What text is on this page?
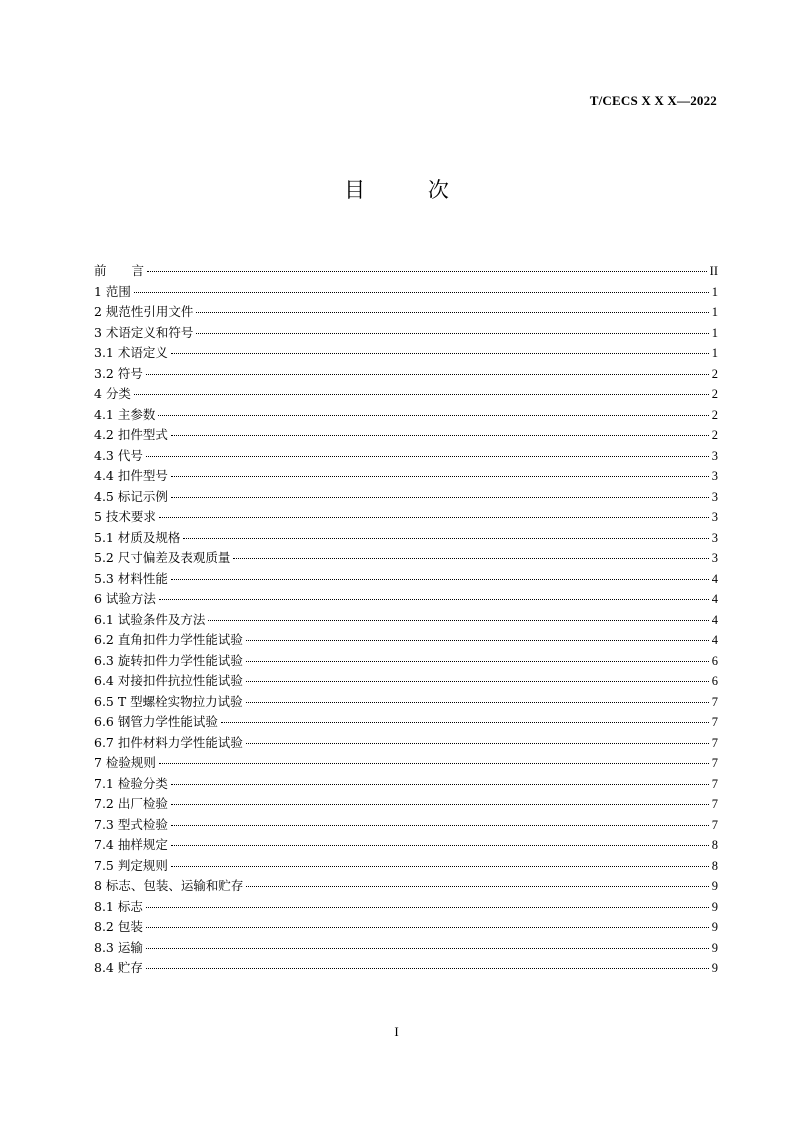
T/CECS X X X—2022
目 次
前　　言	II
1 范围	1
2 规范性引用文件	1
3 术语定义和符号	1
3.1 术语定义	1
3.2 符号	2
4 分类	2
4.1 主参数	2
4.2 扣件型式	2
4.3 代号	3
4.4 扣件型号	3
4.5 标记示例	3
5 技术要求	3
5.1 材质及规格	3
5.2 尺寸偏差及表观质量	3
5.3 材料性能	4
6 试验方法	4
6.1 试验条件及方法	4
6.2 直角扣件力学性能试验	4
6.3 旋转扣件力学性能试验	6
6.4 对接扣件抗拉性能试验	6
6.5 T 型螺栓实物拉力试验	7
6.6 钢管力学性能试验	7
6.7 扣件材料力学性能试验	7
7 检验规则	7
7.1 检验分类	7
7.2 出厂检验	7
7.3 型式检验	7
7.4 抽样规定	8
7.5 判定规则	8
8 标志、包装、运输和贮存	9
8.1 标志	9
8.2 包装	9
8.3 运输	9
8.4 贮存	9
I
